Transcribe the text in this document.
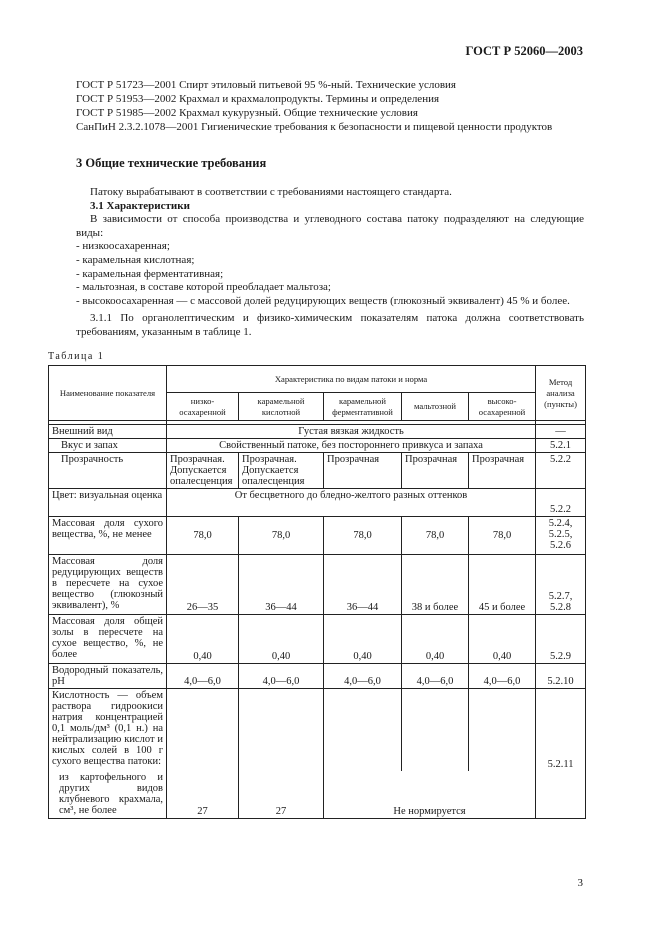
ГОСТ Р 52060—2003
ГОСТ Р 51723—2001 Спирт этиловый питьевой 95 %-ный. Технические условия
ГОСТ Р 51953—2002 Крахмал и крахмалопродукты. Термины и определения
ГОСТ Р 51985—2002 Крахмал кукурузный. Общие технические условия
СанПиН 2.3.2.1078—2001 Гигиенические требования к безопасности и пищевой ценности продуктов
3 Общие технические требования

Патоку вырабатывают в соответствии с требованиями настоящего стандарта.

3.1 Характеристики

В зависимости от способа производства и углеводного состава патоку подразделяют на следующие виды:

- низкоосахаренная;

- карамельная кислотная;

- карамельная ферментативная;

- мальтозная, в составе которой преобладает мальтоза;

- высокоосахаренная — с массовой долей редуцирующих веществ (глюкозный эквивалент) 45 % и более.

3.1.1 По органолептическим и физико-химическим показателям патока должна соответствовать требованиям, указанным в таблице 1.

Таблица 1
Наименование показателя	Характеристика по видам патоки и норма					Метод анализа (пункты)
	низко-осахаренной	карамельной кислотной	карамельной ферментативной	мальтозной	высоко-осахаренной	

Внешний вид	Густая вязкая жидкость					—
Вкус и запах	Свойственный патоке, без постороннего привкуса и запаха					5.2.1
Прозрачность	Прозрачная. Допускается опалесценция	Прозрачная. Допускается опалесценция	Прозрачная	Прозрачная	Прозрачная	5.2.2
Цвет: визуальная оценка	От бесцветного до бледно-желтого разных оттенков					5.2.2
Массовая доля сухого вещества, %, не менее	78,0	78,0	78,0	78,0	78,0	5.2.4, 5.2.5, 5.2.6
Массовая доля редуцирующих веществ в пересчете на сухое вещество (глюкозный эквивалент), %	26—35	36—44	36—44	38 и более	45 и более	5.2.7, 5.2.8
Массовая доля общей золы в пересчете на сухое вещество, %, не более	0,40	0,40	0,40	0,40	0,40	5.2.9
Водородный показатель, pH	4,0—6,0	4,0—6,0	4,0—6,0	4,0—6,0	4,0—6,0	5.2.10
Кислотность — объем раствора гидроокиси натрия концентрацией 0,1 моль/дм³ (0,1 н.) на нейтрализацию кислот и кислых солей в 100 г сухого вещества патоки:						5.2.11
из картофельного и других видов клубневого крахмала, см³, не более	27	27	Не нормируется			
3
